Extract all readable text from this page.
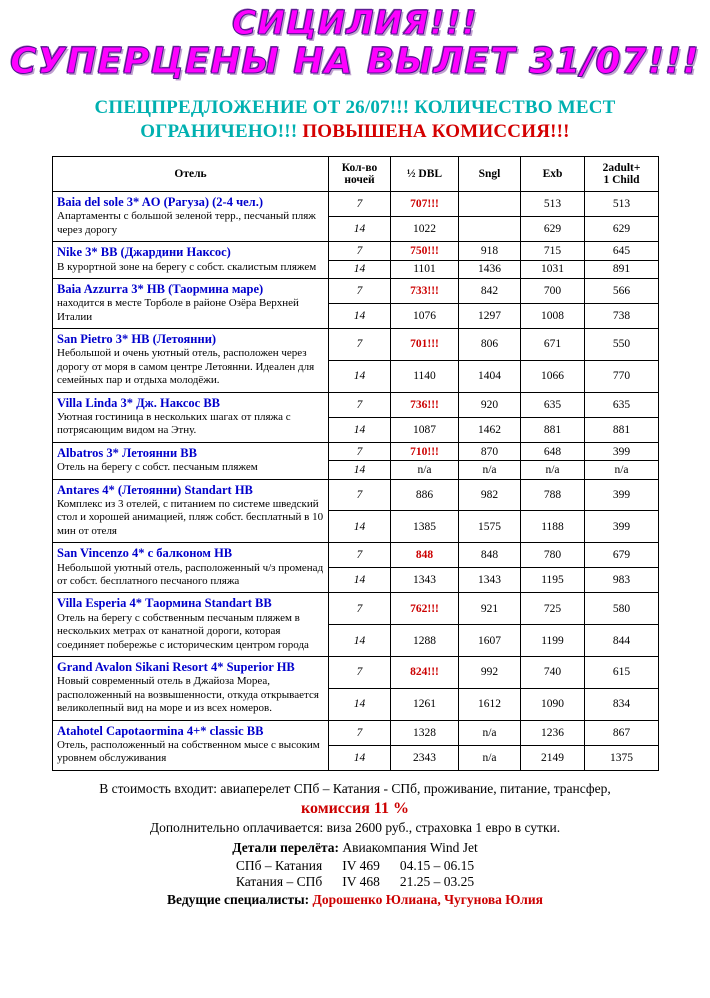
СИЦИЛИЯ!!!
СУПЕРЦЕНЫ НА ВЫЛЕТ 31/07!!!
СПЕЦПРЕДЛОЖЕНИЕ ОТ 26/07!!! КОЛИЧЕСТВО МЕСТ
ОГРАНИЧЕНО!!! ПОВЫШЕНА КОМИССИЯ!!!
Отель	Кол-во
ночей	½ DBL	Sngl	Exb	2adult+
1 Child

Baia del sole 3* AO (Рагуза) (2-4 чел.)
Апартаменты с большой зеленой терр., песчаный пляж через дорогу	7	707!!!		513	513
	14	1022		629	629

Nike 3* BB (Джардини Наксос)
В курортной зоне на берегу с собст. скалистым пляжем	7	750!!!	918	715	645
	14	1101	1436	1031	891

Baia Azzurra 3* HB (Таормина маре)
находится в месте Торболе в районе Озёра Верхней Италии	7	733!!!	842	700	566
	14	1076	1297	1008	738

San Pietro 3* HB (Летоянни)
Небольшой и очень уютный отель, расположен через дорогу от моря в самом центре Летоянни. Идеален для семейных пар и отдыха молодёжи.	7	701!!!	806	671	550
	14	1140	1404	1066	770

Villa Linda 3* Дж. Наксос BB
Уютная гостиница в нескольких шагах от пляжа с потрясающим видом на Этну.	7	736!!!	920	635	635
	14	1087	1462	881	881

Albatros 3* Летоянни BB
Отель на берегу с собст. песчаным пляжем	7	710!!!	870	648	399
	14	n/a	n/a	n/a	n/a

Antares 4* (Летоянни) Standart HB
Комплекс из 3 отелей, с питанием по системе шведский стол и хорошей анимацией, пляж собст. бесплатный в 10 мин от отеля	7	886	982	788	399
	14	1385	1575	1188	399

San Vincenzo 4* с балконом HB
Небольшой уютный отель, расположенный ч/з променад от собст. бесплатного песчаного пляжа	7	848	848	780	679
	14	1343	1343	1195	983

Villa Esperia 4* Таормина Standart BB
Отель на берегу с собственным песчаным пляжем в нескольких метрах от канатной дороги, которая соединяет побережье с историческим центром города	7	762!!!	921	725	580
	14	1288	1607	1199	844

Grand Avalon Sikani Resort 4* Superior HB
Новый современный отель в Джайоза Мореа, расположенный на возвышенности, откуда открывается великолепный вид на море и из всех номеров.	7	824!!!	992	740	615
	14	1261	1612	1090	834

Atahotel Capotaormina 4+* classic BB
Отель, расположенный на собственном мысе с высоким уровнем обслуживания	7	1328	n/a	1236	867
	14	2343	n/a	2149	1375
В стоимость входит: авиаперелет СПб – Катания - СПб, проживание, питание, трансфер,
комиссия 11 %
Дополнительно оплачивается: виза 2600 руб., страховка 1 евро в сутки.
Детали перелёта: Авиакомпания Wind Jet
СПб – Катания	IV 469	04.15 – 06.15
Катания – СПб	IV 468	21.25 – 03.25
Ведущие специалисты: Дорошенко Юлиана, Чугунова Юлия
